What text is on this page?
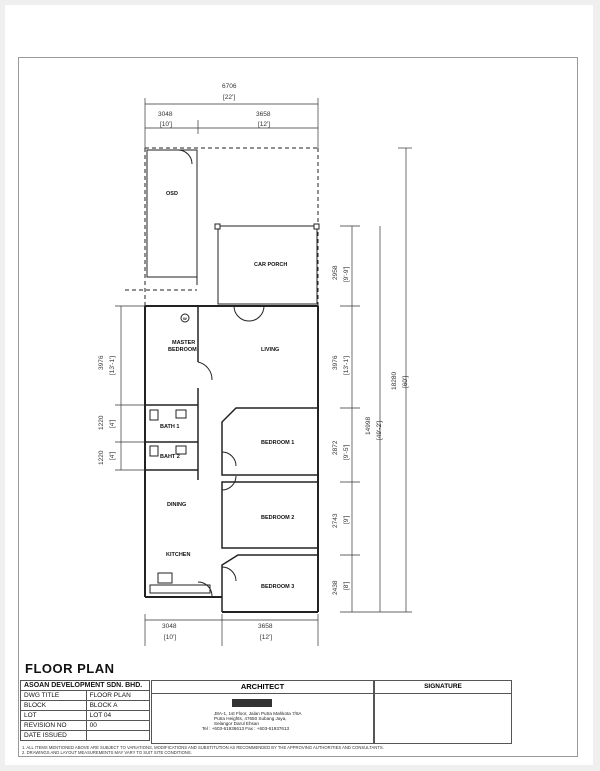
OSD
CAR PORCH
MASTER
BEDROOM	LIVING
BATH 1
BAHT 2
BEDROOM 1
DINING
BEDROOM 2
KITCHEN
BEDROOM 3
W
6706
[22']
3048
[10']
3658
[12']
3048
[10']
3658
[12']
3976 [13'-1']
1220 [4']
1220 [4']
2958 [9'-9']
3976 [13'-1']
2872 [9'-5']
2743 [9']
2438 [8']
14998 [49'-2']
18280 [60']
FLOOR PLAN
ASOAN DEVELOPMENT SDN. BHD.	
DWG TITLE	FLOOR PLAN
BLOCK	BLOCK A
LOT	LOT 04
REVISION NO	00
DATE ISSUED	
ARCHITECT
J8A-1, 1st Floor, Jalan Putra Mahkota 7/6A
Putra Heights, 47650 Subang Jaya,
Selangor Darul Ehsan
Tel : +603-61936613 Fax : +603-61937613
SIGNATURE
1. ALL ITEMS MENTIONED ABOVE ARE SUBJECT TO VARIATIONS, MODIFICATIONS AND SUBSTITUTION AS RECOMMENDED BY THE APPROVING AUTHORITIES AND CONSULTANTS.
2. DRAWINGS AND LAYOUT MEASUREMENTS MAY VARY TO SUIT SITE CONDITIONS.
